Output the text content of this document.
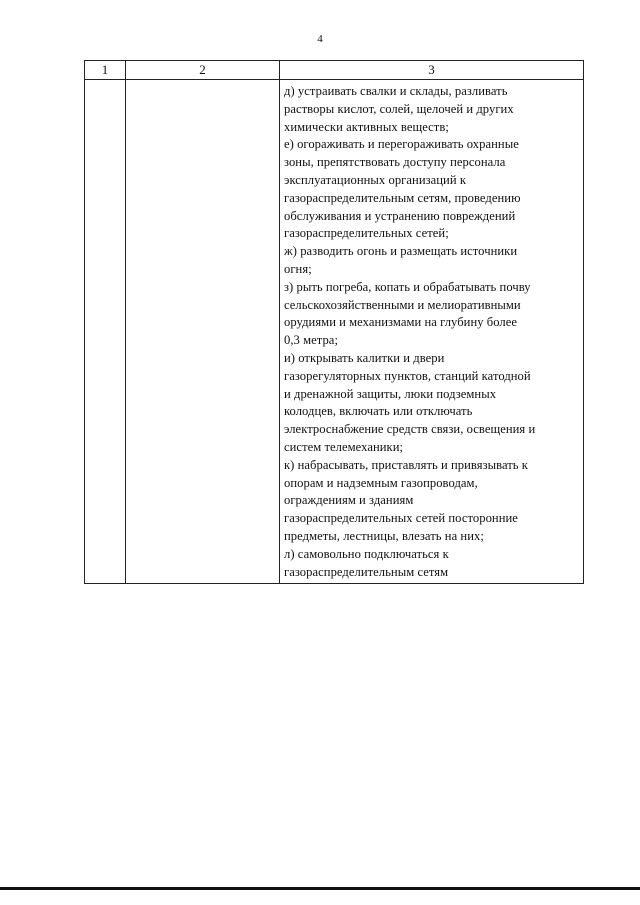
4
1	2	3
д) устраивать свалки и склады, разливать
растворы кислот, солей, щелочей и других
химически активных веществ;
е) огораживать и перегораживать охранные
зоны, препятствовать доступу персонала
эксплуатационных организаций к
газораспределительным сетям, проведению
обслуживания и устранению повреждений
газораспределительных сетей;
ж) разводить огонь и размещать источники
огня;
з) рыть погреба, копать и обрабатывать почву
сельскохозяйственными и мелиоративными
орудиями и механизмами на глубину более
0,3 метра;
и) открывать калитки и двери
газорегуляторных пунктов, станций катодной
и дренажной защиты, люки подземных
колодцев, включать или отключать
электроснабжение средств связи, освещения и
систем телемеханики;
к) набрасывать, приставлять и привязывать к
опорам и надземным газопроводам,
ограждениям и зданиям
газораспределительных сетей посторонние
предметы, лестницы, влезать на них;
л) самовольно подключаться к
газораспределительным сетям
